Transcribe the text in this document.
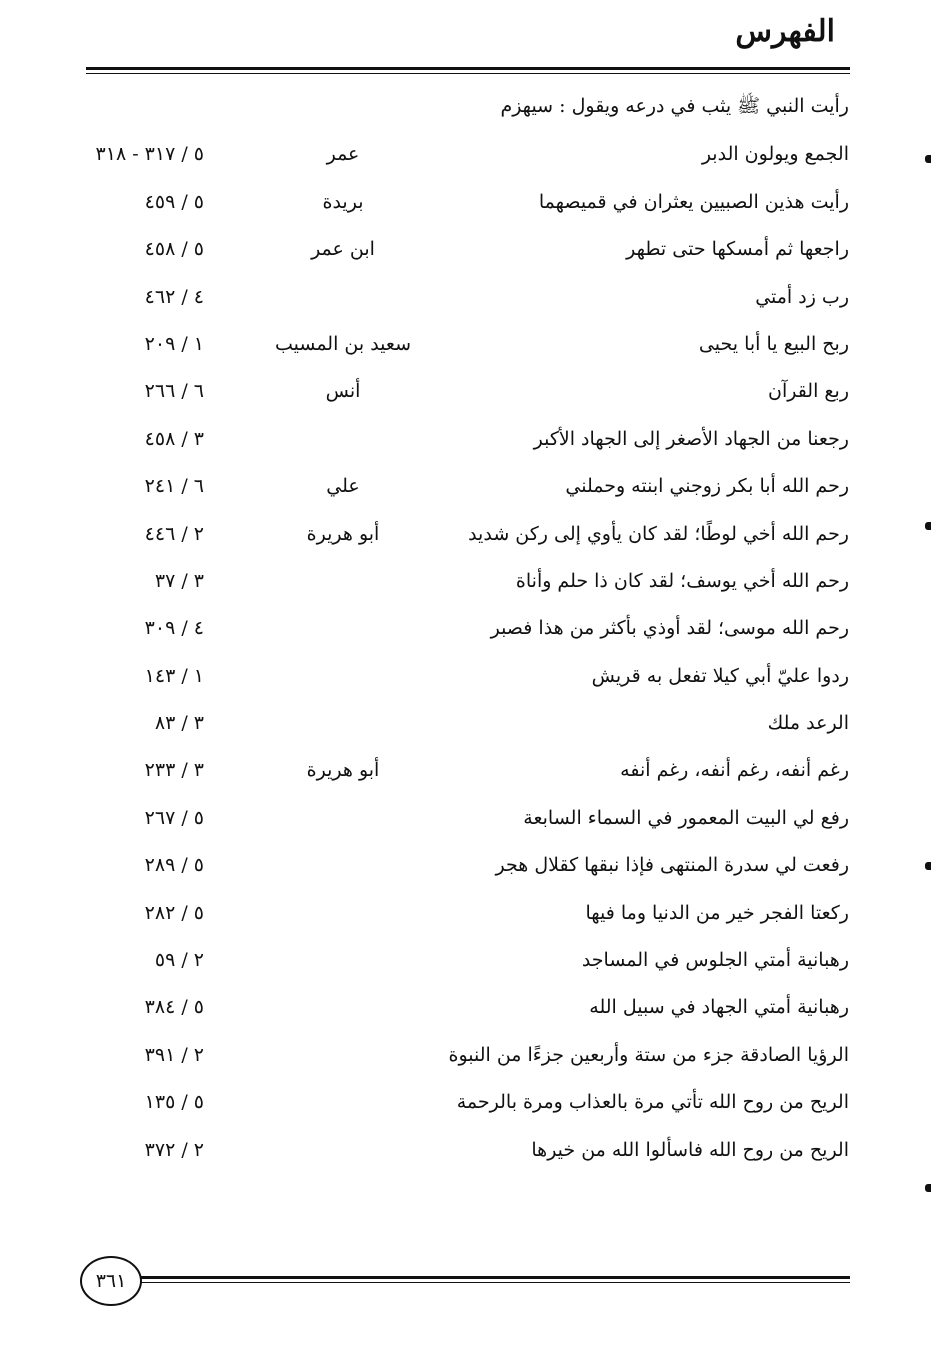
الفهرس
رأيت النبي ﷺ يثب في درعه ويقول : سيهزم
الجمع ويولون الدبر
عمر
٥ / ٣١٧ - ٣١٨
رأيت هذين الصبيين يعثران في قميصهما
بريدة
٥ / ٤٥٩
راجعها ثم أمسكها حتى تطهر
ابن عمر
٥ / ٤٥٨
رب زد أمتي
٤ / ٤٦٢
ربح البيع يا أبا يحيى
سعيد بن المسيب
١ / ٢٠٩
ربع القرآن
أنس
٦ / ٢٦٦
رجعنا من الجهاد الأصغر إلى الجهاد الأكبر
٣ / ٤٥٨
رحم الله أبا بكر زوجني ابنته وحملني
علي
٦ / ٢٤١
رحم الله أخي لوطًا؛ لقد كان يأوي إلى ركن شديد
أبو هريرة
٢ / ٤٤٦
رحم الله أخي يوسف؛ لقد كان ذا حلم وأناة
٣ / ٣٧
رحم الله موسى؛ لقد أوذي بأكثر من هذا فصبر
٤ / ٣٠٩
ردوا عليّ أبي كيلا تفعل به قريش
١ / ١٤٣
الرعد ملك
٣ / ٨٣
رغم أنفه، رغم أنفه، رغم أنفه
أبو هريرة
٣ / ٢٣٣
رفع لي البيت المعمور في السماء السابعة
٥ / ٢٦٧
رفعت لي سدرة المنتهى فإذا نبقها كقلال هجر
٥ / ٢٨٩
ركعتا الفجر خير من الدنيا وما فيها
٥ / ٢٨٢
رهبانية أمتي الجلوس في المساجد
٢ / ٥٩
رهبانية أمتي الجهاد في سبيل الله
٥ / ٣٨٤
الرؤيا الصادقة جزء من ستة وأربعين جزءًا من النبوة
٢ / ٣٩١
الريح من روح الله تأتي مرة بالعذاب ومرة بالرحمة
٥ / ١٣٥
الريح من روح الله فاسألوا الله من خيرها
٢ / ٣٧٢
٣٦١
